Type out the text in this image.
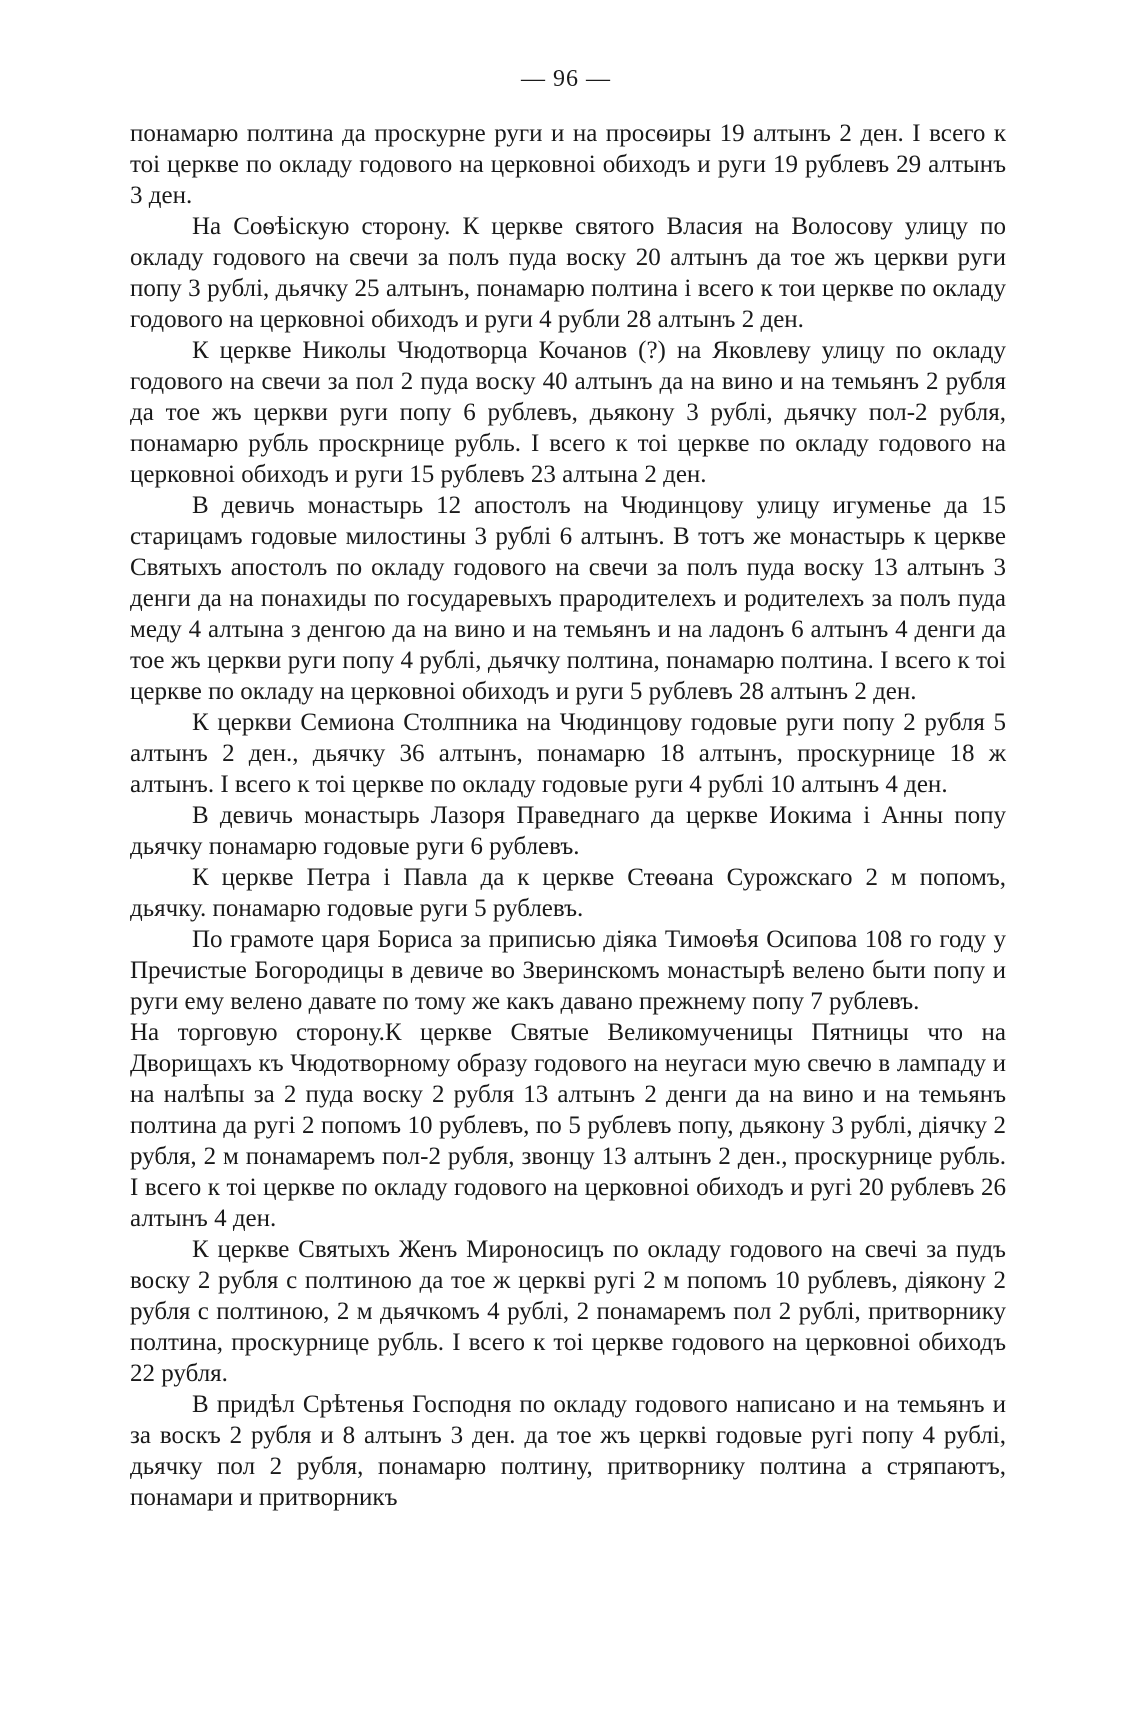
— 96 —

понамарю полтина да проскурне руги и на просѳиры 19 алтынъ 2 ден. I всего к тоі церкве по окладу годового на церковноі обиходъ и руги 19 рублевъ 29 алтынъ 3 ден.

На Соѳѣіскую сторону. К церкве святого Власия на Волосову улицу по окладу годового на свечи за полъ пуда воску 20 алтынъ да тое жъ церкви руги попу 3 рублі, дьячку 25 алтынъ, понамарю полтина і всего к тои церкве по окладу годового на церковноі обиходъ и руги 4 рубли 28 алтынъ 2 ден.

К церкве Николы Чюдотворца Кочанов (?) на Яковлеву улицу по окладу годового на свечи за пол 2 пуда воску 40 алтынъ да на вино и на темьянъ 2 рубля да тое жъ церкви руги попу 6 рублевъ, дьякону 3 рублі, дьячку пол-2 рубля, понамарю рубль проскрнице рубль. I всего к тоі церкве по окладу годового на церковноі обиходъ и руги 15 рублевъ 23 алтына 2 ден.

В девичь монастырь 12 апостолъ на Чюдинцову улицу игуменье да 15 старицамъ годовые милостины 3 рублі 6 алтынъ. В тотъ же монастырь к церкве Святыхъ апостолъ по окладу годового на свечи за полъ пуда воску 13 алтынъ 3 денги да на понахиды по государевыхъ прародителехъ и родителехъ за полъ пуда меду 4 алтына з денгою да на вино и на темьянъ и на ладонъ 6 алтынъ 4 денги да тое жъ церкви руги попу 4 рублі, дьячку полтина, понамарю полтина. I всего к тоі церкве по окладу на церковноі обиходъ и руги 5 рублевъ 28 алтынъ 2 ден.

К церкви Семиона Столпника на Чюдинцову годовые руги попу 2 рубля 5 алтынъ 2 ден., дьячку 36 алтынъ, понамарю 18 алтынъ, проскурнице 18 ж алтынъ. I всего к тоі церкве по окладу годовые руги 4 рублі 10 алтынъ 4 ден.

В девичь монастырь Лазоря Праведнаго да церкве Иокима і Анны попу дьячку понамарю годовые руги 6 рублевъ.

К церкве Петра і Павла да к церкве Стеѳана Сурожскаго 2 м попомъ, дьячку. понамарю годовые руги 5 рублевъ.

По грамоте царя Бориса за приписью діяка Тимоѳѣя Осипова 108 го году у Пречистые Богородицы в девиче во Зверинскомъ монастырѣ велено быти попу и руги ему велено давате по тому же какъ давано прежнему попу 7 рублевъ.

На торговую сторону.К церкве Святые Великомученицы Пятницы что на Дворищахъ къ Чюдотворному образу годового на неугаси мую свечю в лампаду и на налѣпы за 2 пуда воску 2 рубля 13 алтынъ 2 денги да на вино и на темьянъ полтина да ругі 2 попомъ 10 рублевъ, по 5 рублевъ попу, дьякону 3 рублі, діячку 2 рубля, 2 м понамаремъ пол-2 рубля, звонцу 13 алтынъ 2 ден., проскурнице рубль. I всего к тоі церкве по окладу годового на церковноі обиходъ и ругі 20 рублевъ 26 алтынъ 4 ден.

К церкве Святыхъ Женъ Мироносицъ по окладу годового на свечі за пудъ воску 2 рубля с полтиною да тое ж церкві ругі 2 м попомъ 10 рублевъ, діякону 2 рубля с полтиною, 2 м дьячкомъ 4 рублі, 2 понамаремъ пол 2 рублі, притворнику полтина, проскурнице рубль. I всего к тоі церкве годового на церковноі обиходъ 22 рубля.

В придѣл Срѣтенья Господня по окладу годового написано и на темьянъ и за воскъ 2 рубля и 8 алтынъ 3 ден. да тое жъ церкві годовые ругі попу 4 рублі, дьячку пол 2 рубля, понамарю полтину, притворнику полтина а стряпаютъ, понамари и притворникъ
